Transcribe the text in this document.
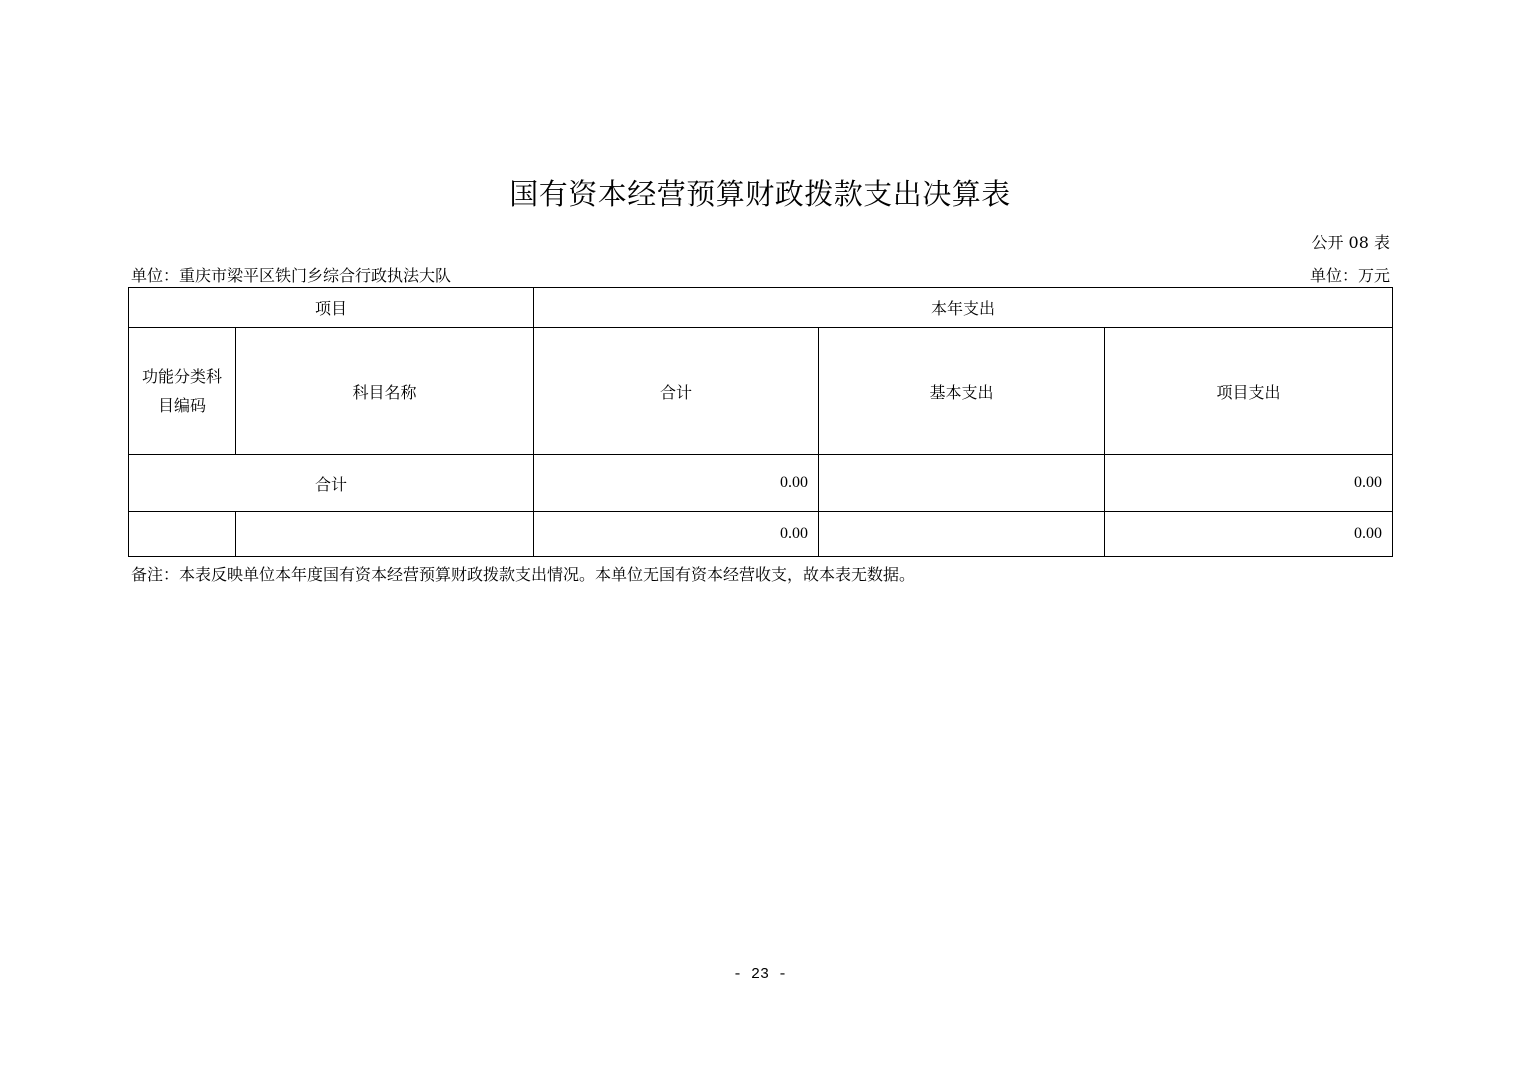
国有资本经营预算财政拨款支出决算表
公开 08 表
单位：重庆市梁平区铁门乡综合行政执法大队	单位：万元
项目		本年支出		

功能分类科目编码	科目名称	合计	基本支出	项目支出
合计		0.00		0.00
		0.00		0.00
备注：本表反映单位本年度国有资本经营预算财政拨款支出情况。本单位无国有资本经营收支，故本表无数据。
- 23 -
